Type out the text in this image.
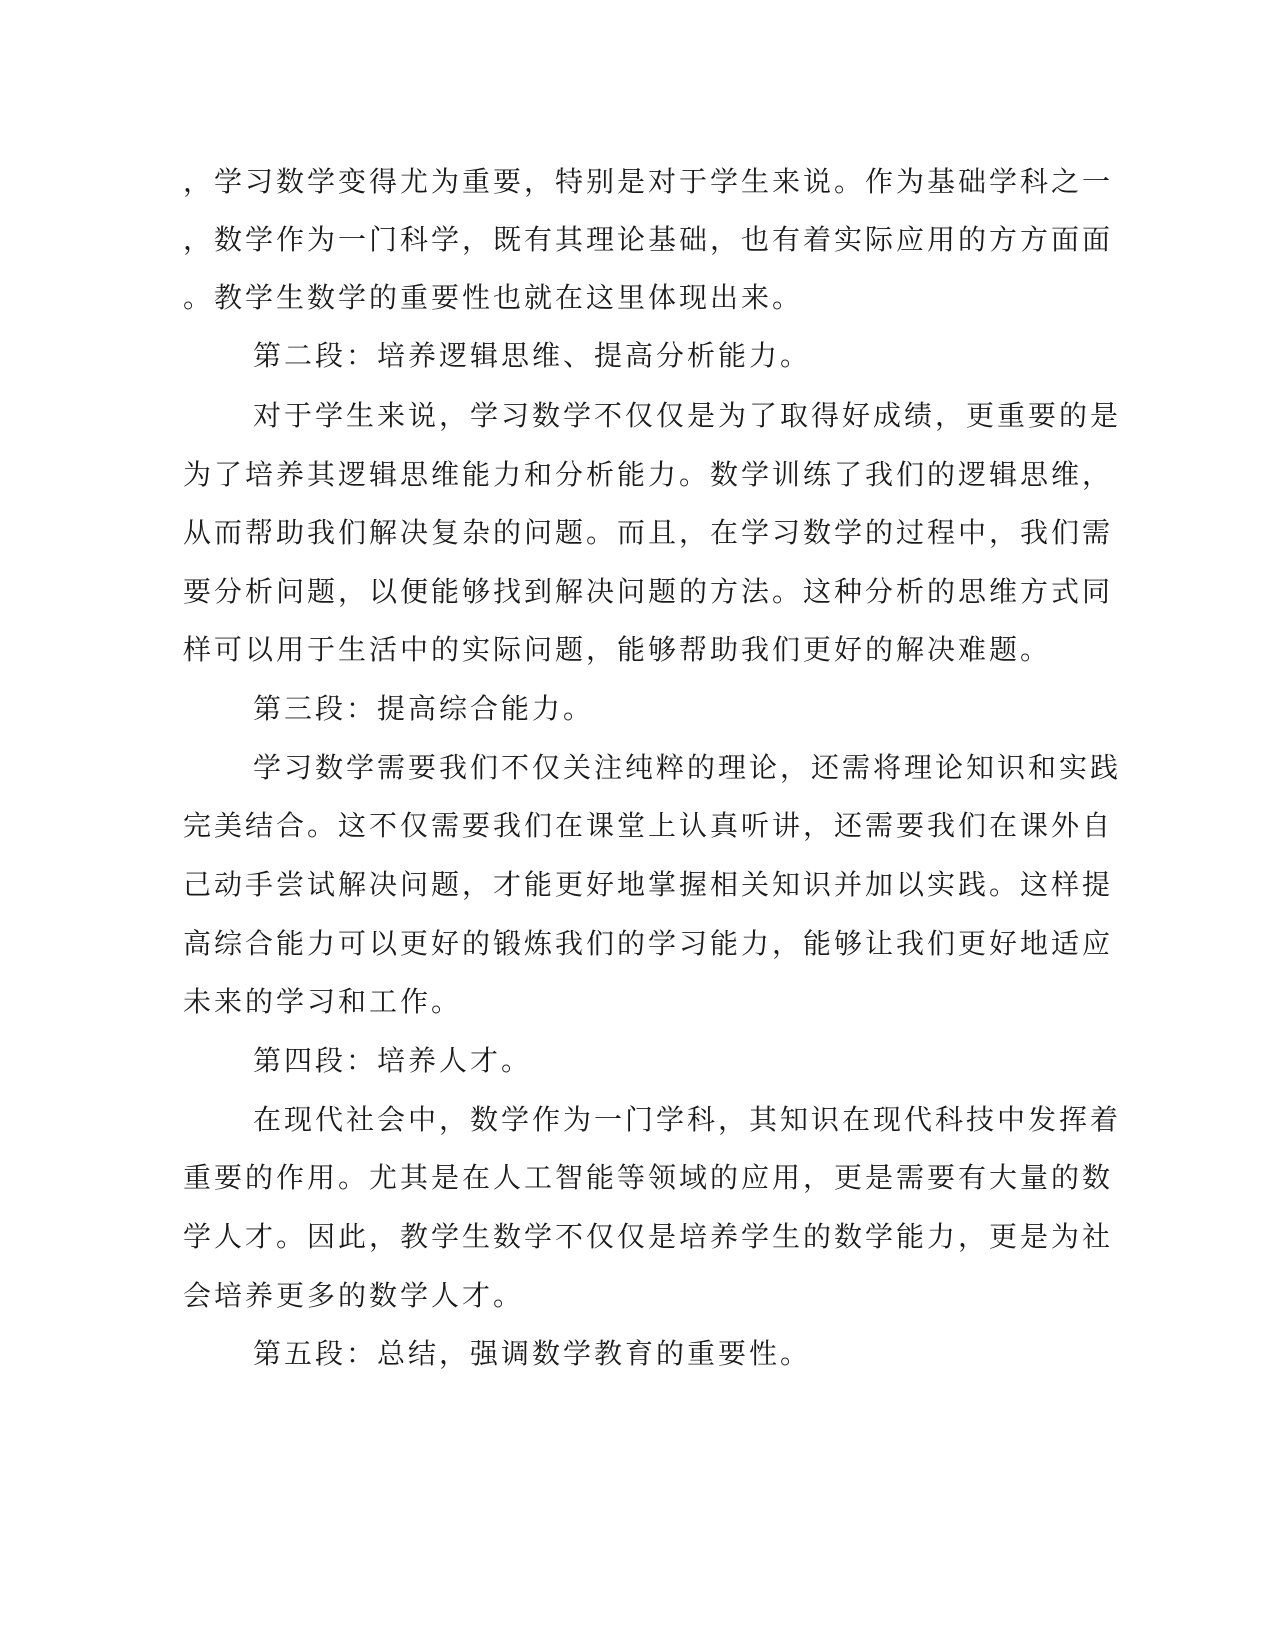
，学习数学变得尤为重要，特别是对于学生来说。作为基础学科之一
，数学作为一门科学，既有其理论基础，也有着实际应用的方方面面
。教学生数学的重要性也就在这里体现出来。
第二段：培养逻辑思维、提高分析能力。
对于学生来说，学习数学不仅仅是为了取得好成绩，更重要的是
为了培养其逻辑思维能力和分析能力。数学训练了我们的逻辑思维，
从而帮助我们解决复杂的问题。而且，在学习数学的过程中，我们需
要分析问题，以便能够找到解决问题的方法。这种分析的思维方式同
样可以用于生活中的实际问题，能够帮助我们更好的解决难题。
第三段：提高综合能力。
学习数学需要我们不仅关注纯粹的理论，还需将理论知识和实践
完美结合。这不仅需要我们在课堂上认真听讲，还需要我们在课外自
己动手尝试解决问题，才能更好地掌握相关知识并加以实践。这样提
高综合能力可以更好的锻炼我们的学习能力，能够让我们更好地适应
未来的学习和工作。
第四段：培养人才。
在现代社会中，数学作为一门学科，其知识在现代科技中发挥着
重要的作用。尤其是在人工智能等领域的应用，更是需要有大量的数
学人才。因此，教学生数学不仅仅是培养学生的数学能力，更是为社
会培养更多的数学人才。
第五段：总结，强调数学教育的重要性。
